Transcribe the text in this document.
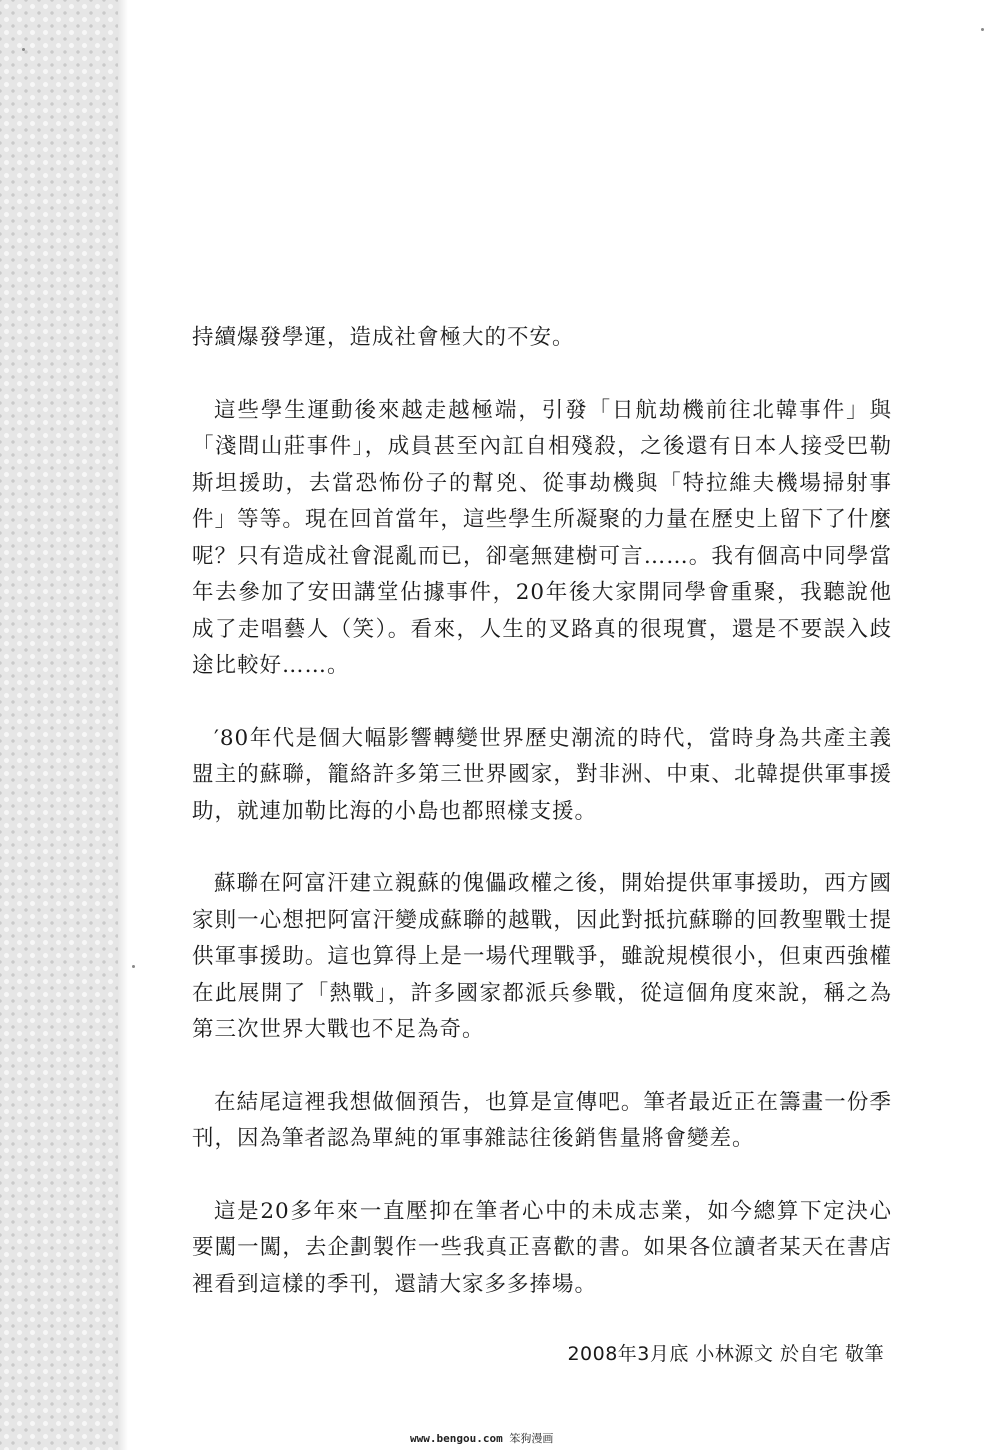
持續爆發學運，造成社會極大的不安。

這些學生運動後來越走越極端，引發「日航劫機前往北韓事件」與「淺間山莊事件」，成員甚至內訌自相殘殺，之後還有日本人接受巴勒斯坦援助，去當恐怖份子的幫兇、從事劫機與「特拉維夫機場掃射事件」等等。現在回首當年，這些學生所凝聚的力量在歷史上留下了什麼呢？只有造成社會混亂而已，卻毫無建樹可言……。我有個高中同學當年去參加了安田講堂佔據事件，20年後大家開同學會重聚，我聽說他成了走唱藝人（笑）。看來，人生的叉路真的很現實，還是不要誤入歧途比較好……。

′80年代是個大幅影響轉變世界歷史潮流的時代，當時身為共產主義盟主的蘇聯，籠絡許多第三世界國家，對非洲、中東、北韓提供軍事援助，就連加勒比海的小島也都照樣支援。

蘇聯在阿富汗建立親蘇的傀儡政權之後，開始提供軍事援助，西方國家則一心想把阿富汗變成蘇聯的越戰，因此對抵抗蘇聯的回教聖戰士提供軍事援助。這也算得上是一場代理戰爭，雖說規模很小，但東西強權在此展開了「熱戰」，許多國家都派兵參戰，從這個角度來說，稱之為第三次世界大戰也不足為奇。

在結尾這裡我想做個預告，也算是宣傳吧。筆者最近正在籌畫一份季刊，因為筆者認為單純的軍事雜誌往後銷售量將會變差。

這是20多年來一直壓抑在筆者心中的未成志業，如今總算下定決心要闖一闖，去企劃製作一些我真正喜歡的書。如果各位讀者某天在書店裡看到這樣的季刊，還請大家多多捧場。

2008年3月底 小林源文 於自宅 敬筆
www.bengou.com 笨狗漫画
